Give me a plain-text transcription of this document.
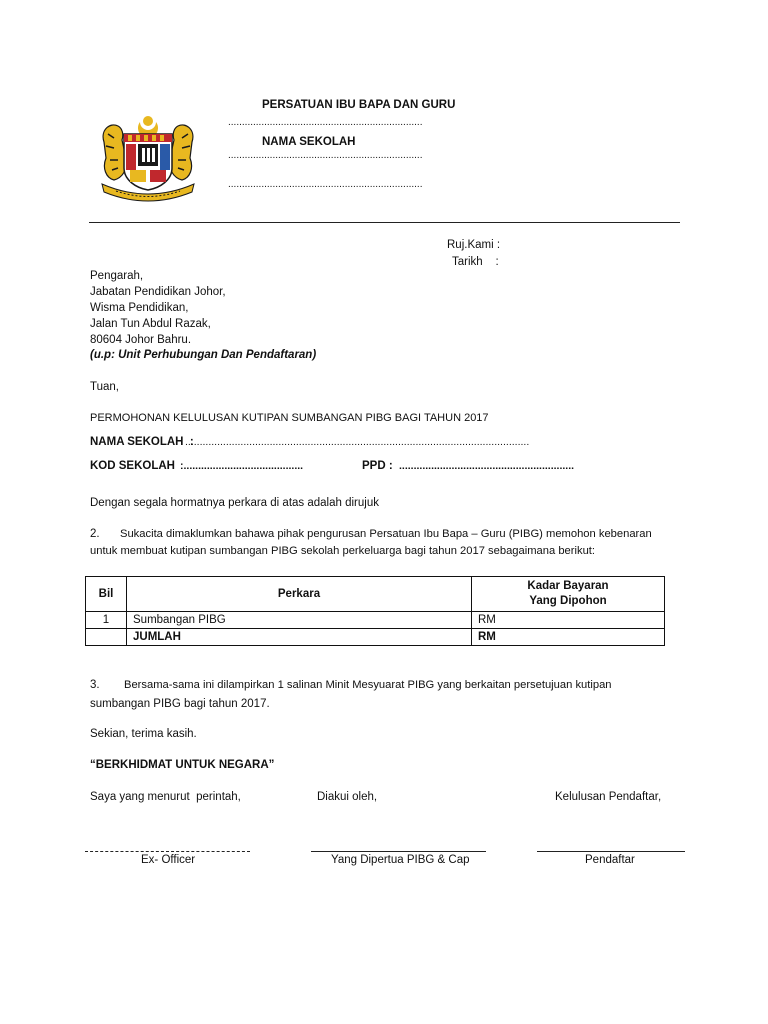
PERSATUAN IBU BAPA DAN GURU
......................................................................
NAMA SEKOLAH
......................................................................
......................................................................
Ruj.Kami :
Tarikh    :
Pengarah,
Jabatan Pendidikan Johor,
Wisma Pendidikan,
Jalan Tun Abdul Razak,
80604 Johor Bahru.
(u.p: Unit Perhubungan Dan Pendaftaran)
Tuan,
PERMOHONAN KELULUSAN KUTIPAN SUMBANGAN PIBG BAGI TAHUN 2017
NAMA SEKOLAH  :
......................................................................................................................
KOD SEKOLAH :.........................................	PPD : ............................................................
Dengan segala hormatnya perkara di atas adalah dirujuk
2. Sukacita dimaklumkan bahawa pihak pengurusan Persatuan Ibu Bapa – Guru (PIBG) memohon kebenaran
untuk membuat kutipan sumbangan PIBG sekolah perkeluarga bagi tahun 2017 sebagaimana berikut:
Bil	Perkara	Kadar Bayaran
Yang Dipohon
1	Sumbangan PIBG	RM
	JUMLAH	RM
3. Bersama-sama ini dilampirkan 1 salinan Minit Mesyuarat PIBG yang berkaitan persetujuan kutipan
sumbangan PIBG bagi tahun 2017.
Sekian, terima kasih.
“BERKHIDMAT UNTUK NEGARA”
Saya yang menurut  perintah,	Diakui oleh,	Kelulusan Pendaftar,
Ex- Officer	Yang Dipertua PIBG & Cap	Pendaftar
